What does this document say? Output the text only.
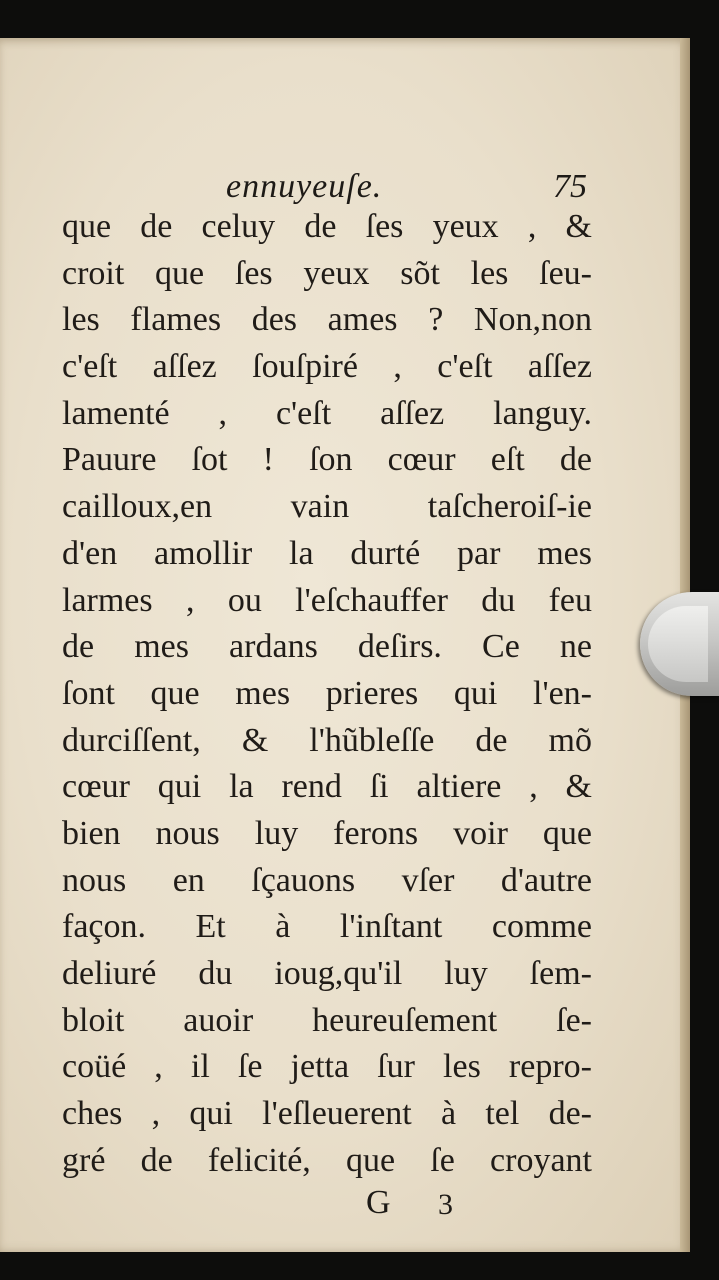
ennuyeuſe.	75
que de celuy de ſes yeux , &
croit que ſes yeux sõt les ſeu-
les flames des ames ? Non,non
c'eſt aſſez ſouſpiré , c'eſt aſſez
lamenté , c'eſt aſſez languy.
Pauure ſot ! ſon cœur eſt de
cailloux,en vain taſcheroiſ-ie
d'en amollir la durté par mes
larmes , ou l'eſchauffer du feu
de mes ardans deſirs. Ce ne
ſont que mes prieres qui l'en-
durciſſent, & l'hũbleſſe de mõ
cœur qui la rend ſi altiere , &
bien nous luy ferons voir que
nous en ſçauons vſer d'autre
façon. Et à l'inſtant comme
deliuré du ioug,qu'il luy ſem-
bloit auoir heureuſement ſe-
coüé , il ſe jetta ſur les repro-
ches , qui l'eſleuerent à tel de-
gré de felicité, que ſe croyant
G 3
